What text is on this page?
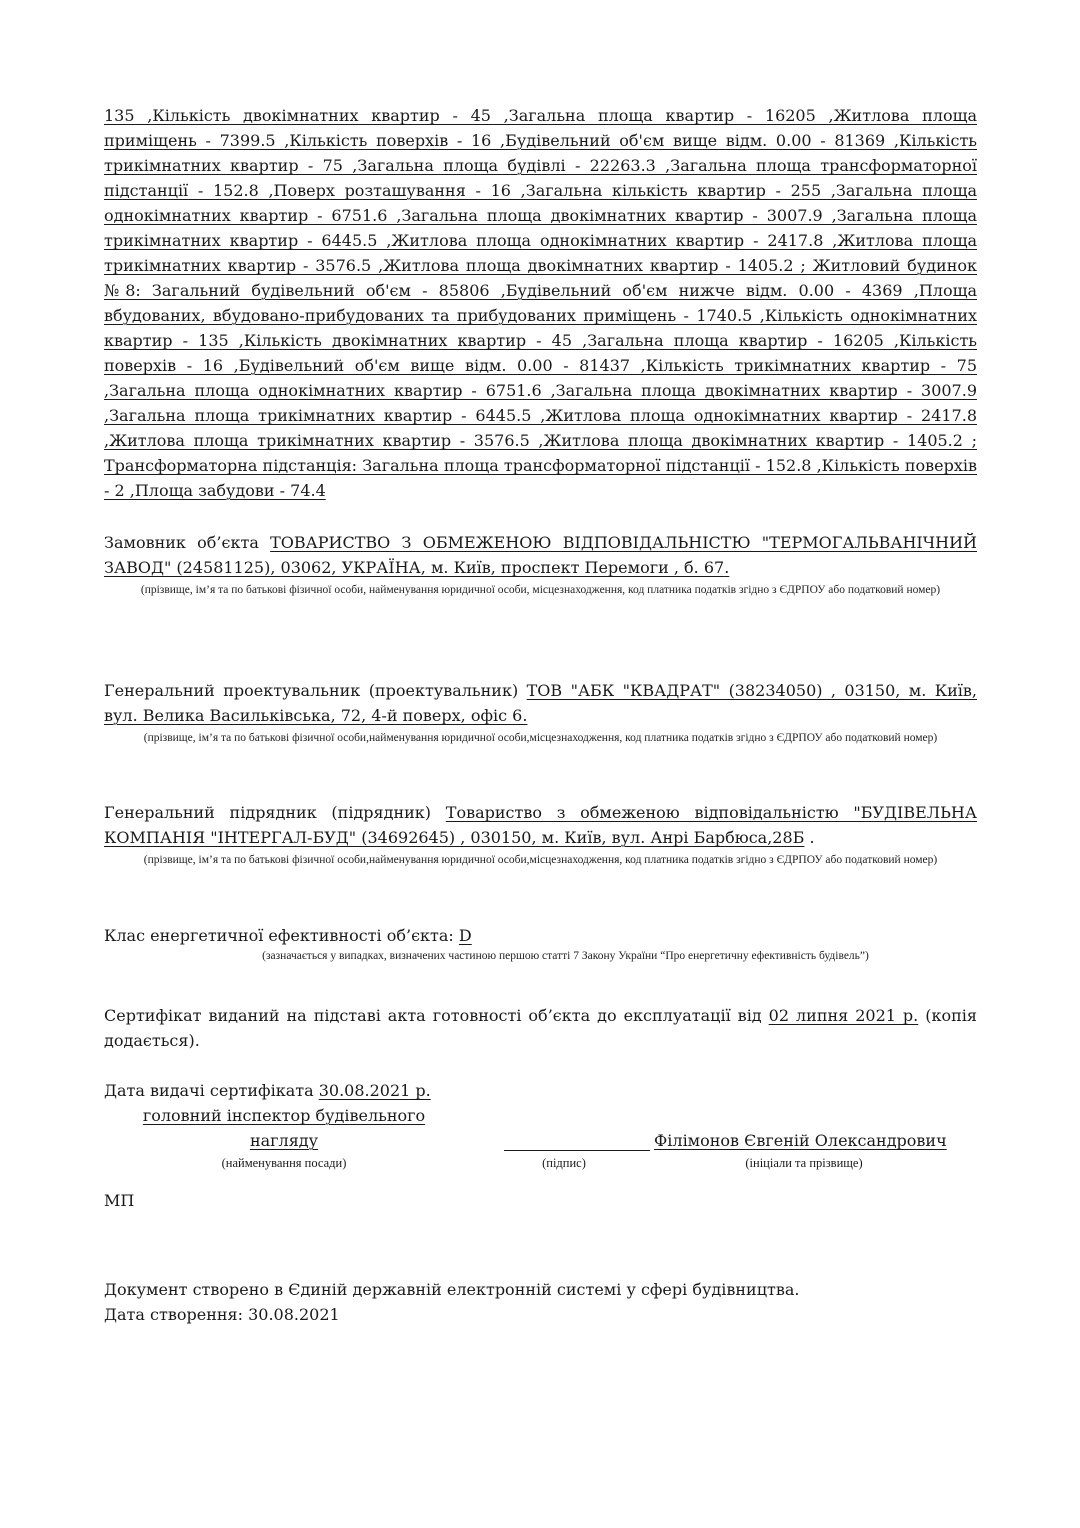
135 ,Кількість двокімнатних квартир - 45 ,Загальна площа квартир - 16205 ,Житлова площа приміщень - 7399.5 ,Кількість поверхів - 16 ,Будівельний об'єм вище відм. 0.00 - 81369 ,Кількість трикімнатних квартир - 75 ,Загальна площа будівлі - 22263.3 ,Загальна площа трансформаторної підстанції - 152.8 ,Поверх розташування - 16 ,Загальна кількість квартир - 255 ,Загальна площа однокімнатних квартир - 6751.6 ,Загальна площа двокімнатних квартир - 3007.9 ,Загальна площа трикімнатних квартир - 6445.5 ,Житлова площа однокімнатних квартир - 2417.8 ,Житлова площа трикімнатних квартир - 3576.5 ,Житлова площа двокімнатних квартир - 1405.2 ; Житловий будинок №8: Загальний будівельний об'єм - 85806 ,Будівельний об'єм нижче відм. 0.00 - 4369 ,Площа вбудованих, вбудовано-прибудованих та прибудованих приміщень - 1740.5 ,Кількість однокімнатних квартир - 135 ,Кількість двокімнатних квартир - 45 ,Загальна площа квартир - 16205 ,Кількість поверхів - 16 ,Будівельний об'єм вище відм. 0.00 - 81437 ,Кількість трикімнатних квартир - 75 ,Загальна площа однокімнатних квартир - 6751.6 ,Загальна площа двокімнатних квартир - 3007.9 ,Загальна площа трикімнатних квартир - 6445.5 ,Житлова площа однокімнатних квартир - 2417.8 ,Житлова площа трикімнатних квартир - 3576.5 ,Житлова площа двокімнатних квартир - 1405.2 ; Трансформаторна підстанція: Загальна площа трансформаторної підстанції - 152.8 ,Кількість поверхів - 2 ,Площа забудови - 74.4
Замовник об’єкта ТОВАРИСТВО З ОБМЕЖЕНОЮ ВІДПОВІДАЛЬНІСТЮ "ТЕРМОГАЛЬВАНІЧНИЙ ЗАВОД" (24581125), 03062, УКРАЇНА, м. Київ, проспект Перемоги , б. 67.
(прізвище, ім’я та по батькові фізичної особи, найменування юридичної особи, місцезнаходження, код платника податків згідно з ЄДРПОУ або податковий номер)
Генеральний проектувальник (проектувальник) ТОВ "АБК "КВАДРАТ" (38234050) , 03150, м. Київ, вул. Велика Васильківська, 72, 4-й поверх, офіс 6.
(прізвище, ім’я та по батькові фізичної особи,найменування юридичної особи,місцезнаходження, код платника податків згідно з ЄДРПОУ або податковий номер)
Генеральний підрядник (підрядник) Товариство з обмеженою відповідальністю "БУДІВЕЛЬНА КОМПАНІЯ "ІНТЕРГАЛ-БУД" (34692645) , 030150, м. Київ, вул. Анрі Барбюса,28Б .
(прізвище, ім’я та по батькові фізичної особи,найменування юридичної особи,місцезнаходження, код платника податків згідно з ЄДРПОУ або податковий номер)
Клас енергетичної ефективності об’єкта: D
(зазначається у випадках, визначених частиною першою статті 7 Закону України “Про енергетичну ефективність будівель”)
Сертифікат виданий на підставі акта готовності об’єкта до експлуатації від 02 липня 2021 р. (копія додається).
Дата видачі сертифіката 30.08.2021 р.
головний інспектор будівельного
нагляду	Філімонов Євгеній Олександрович
(найменування посади)	(підпис)	(ініціали та прізвище)
МП
Документ створено в Єдиній державній електронній системі у сфері будівництва.
Дата створення: 30.08.2021
